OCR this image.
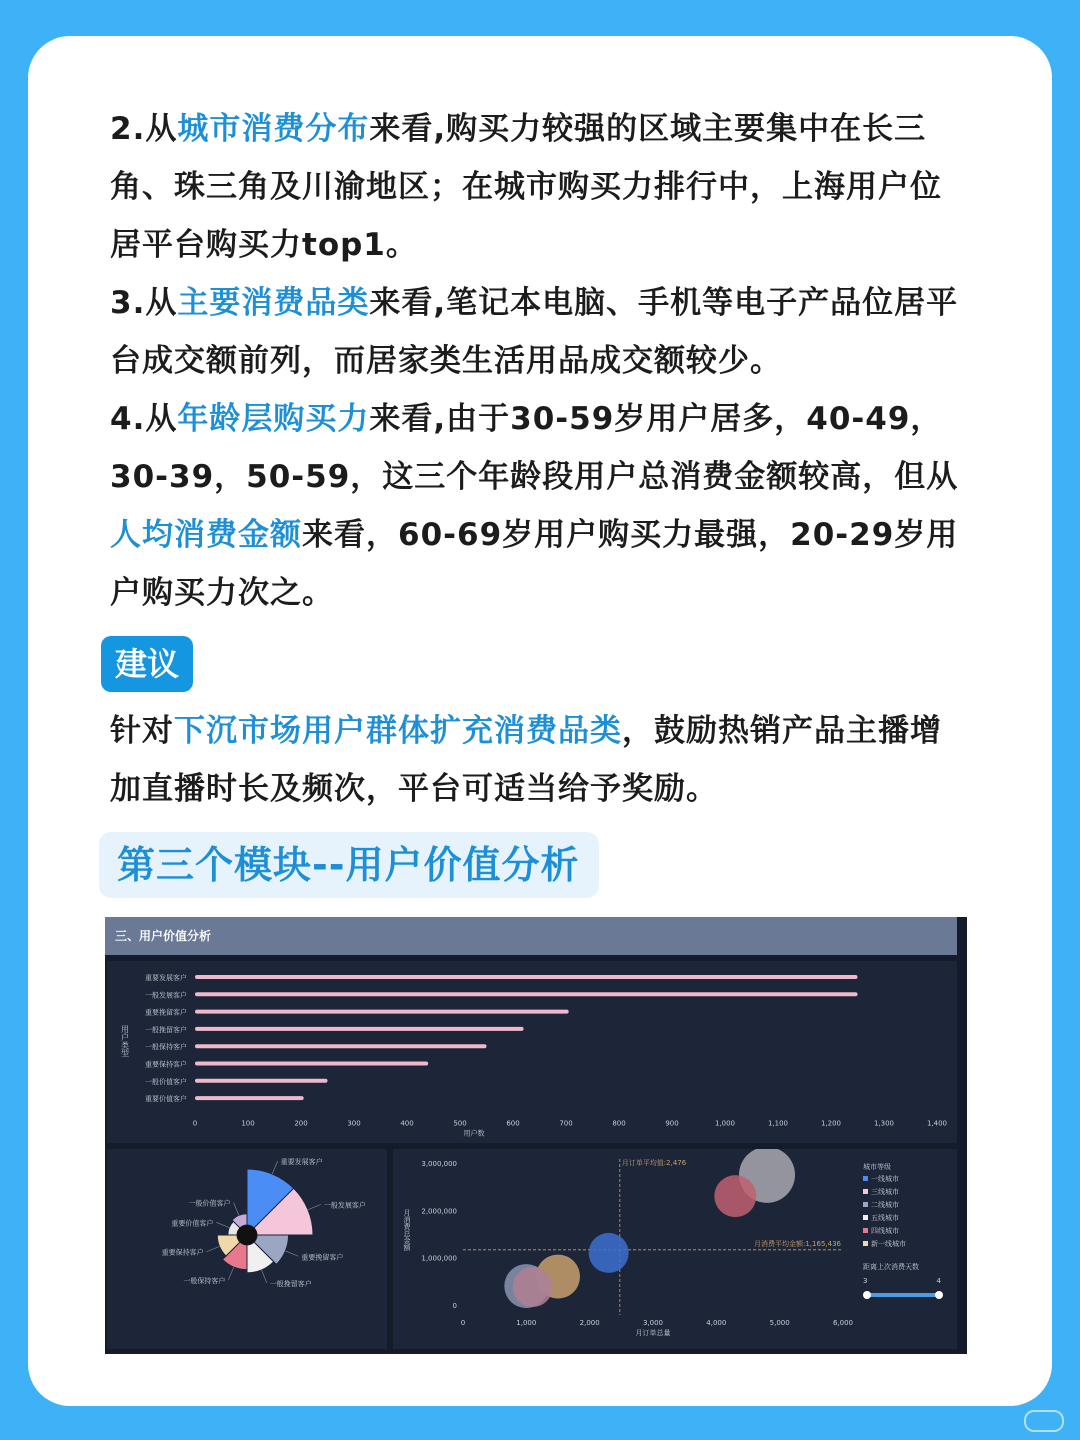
2.从城市消费分布来看,购买力较强的区域主要集中在长三角、珠三角及川渝地区；在城市购买力排行中，上海用户位居平台购买力top1。
3.从主要消费品类来看,笔记本电脑、手机等电子产品位居平台成交额前列，而居家类生活用品成交额较少。
4.从年龄层购买力来看,由于30-59岁用户居多，40-49，30-39，50-59，这三个年龄段用户总消费金额较高，但从人均消费金额来看，60-69岁用户购买力最强，20-29岁用户购买力次之。
建议
针对下沉市场用户群体扩充消费品类，鼓励热销产品主播增加直播时长及频次，平台可适当给予奖励。
第三个模块--用户价值分析
三、用户价值分析
重要发展客户
一般发展客户
重要挽留客户
一般挽留客户
一般保持客户
重要保持客户
一般价值客户
重要价值客户
0	100	200	300	400	500	600	700	800	900	1,000	1,100	1,200	1,300	1,400
用户数
用户类型
重要发展客户
一般发展客户
重要挽留客户
一般挽留客户
一般保持客户
重要保持客户
重要价值客户
一般价值客户
0
1,000,000
2,000,000
3,000,000
0	1,000	2,000	3,000	4,000	5,000	6,000
月订单总量
月消费总金额
月订单平均值:2,476
月消费平均金额:1,165,436
城市等级
一线城市
三线城市
二线城市
五线城市
四线城市
新一线城市
距离上次消费天数
3	4
